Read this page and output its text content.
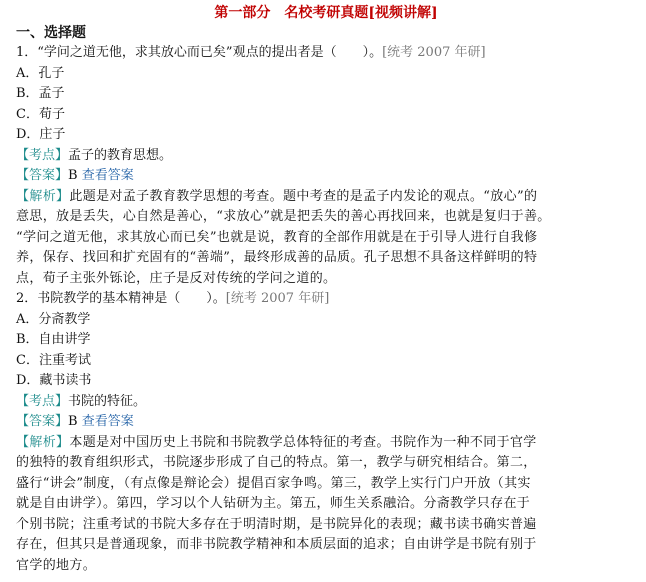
第一部分　名校考研真题[视频讲解]
一、选择题
1．“学问之道无他，求其放心而已矣”观点的提出者是（　　）。[统考 2007 年研]
A．孔子
B．孟子
C．荀子
D．庄子
【考点】孟子的教育思想。
【答案】B 查看答案
【解析】此题是对孟子教育教学思想的考查。题中考查的是孟子内发论的观点。“放心”的
意思，放是丢失，心自然是善心，“求放心”就是把丢失的善心再找回来，也就是复归于善。
“学问之道无他，求其放心而已矣”也就是说，教育的全部作用就是在于引导人进行自我修
养，保存、找回和扩充固有的“善端”，最终形成善的品质。孔子思想不具备这样鲜明的特
点，荀子主张外铄论，庄子是反对传统的学问之道的。
2．书院教学的基本精神是（　　）。[统考 2007 年研]
A．分斋教学
B．自由讲学
C．注重考试
D．藏书读书
【考点】书院的特征。
【答案】B 查看答案
【解析】本题是对中国历史上书院和书院教学总体特征的考查。书院作为一种不同于官学
的独特的教育组织形式，书院逐步形成了自己的特点。第一，教学与研究相结合。第二，
盛行“讲会”制度，（有点像是辩论会）提倡百家争鸣。第三，教学上实行门户开放（其实
就是自由讲学）。第四，学习以个人钻研为主。第五，师生关系融洽。分斋教学只存在于
个别书院；注重考试的书院大多存在于明清时期，是书院异化的表现；藏书读书确实普遍
存在，但其只是普通现象，而非书院教学精神和本质层面的追求；自由讲学是书院有别于
官学的地方。
